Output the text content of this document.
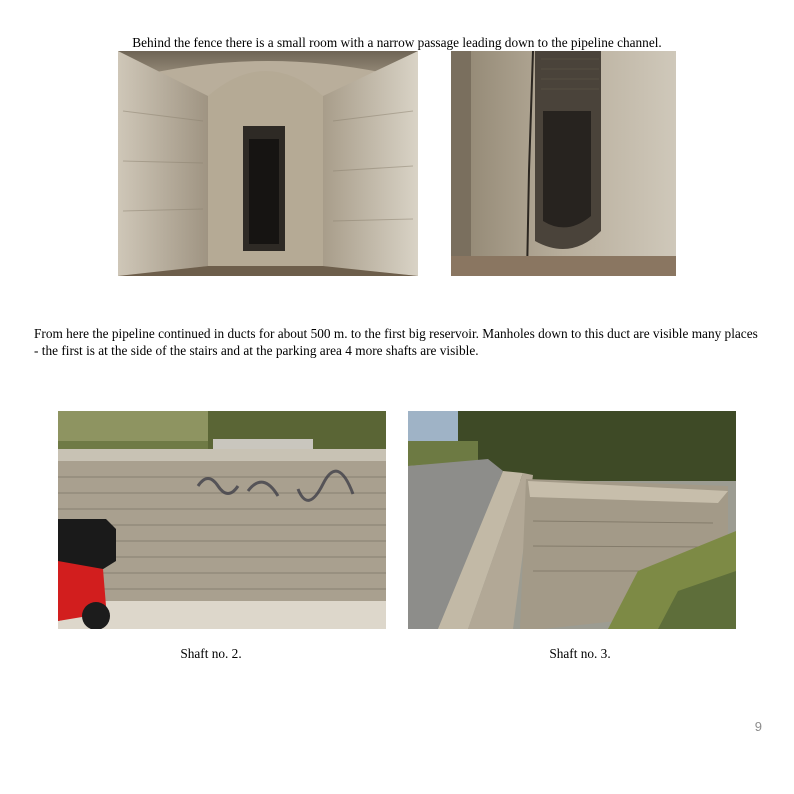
Behind the fence there is a small room with a narrow passage leading down to the pipeline channel.
From here the pipeline continued in ducts for about 500 m. to the first big reservoir. Manholes down to this duct are visible many places - the first is at the side of the stairs and at the parking area 4 more shafts are visible.
Shaft no. 2.	Shaft no. 3.
9
